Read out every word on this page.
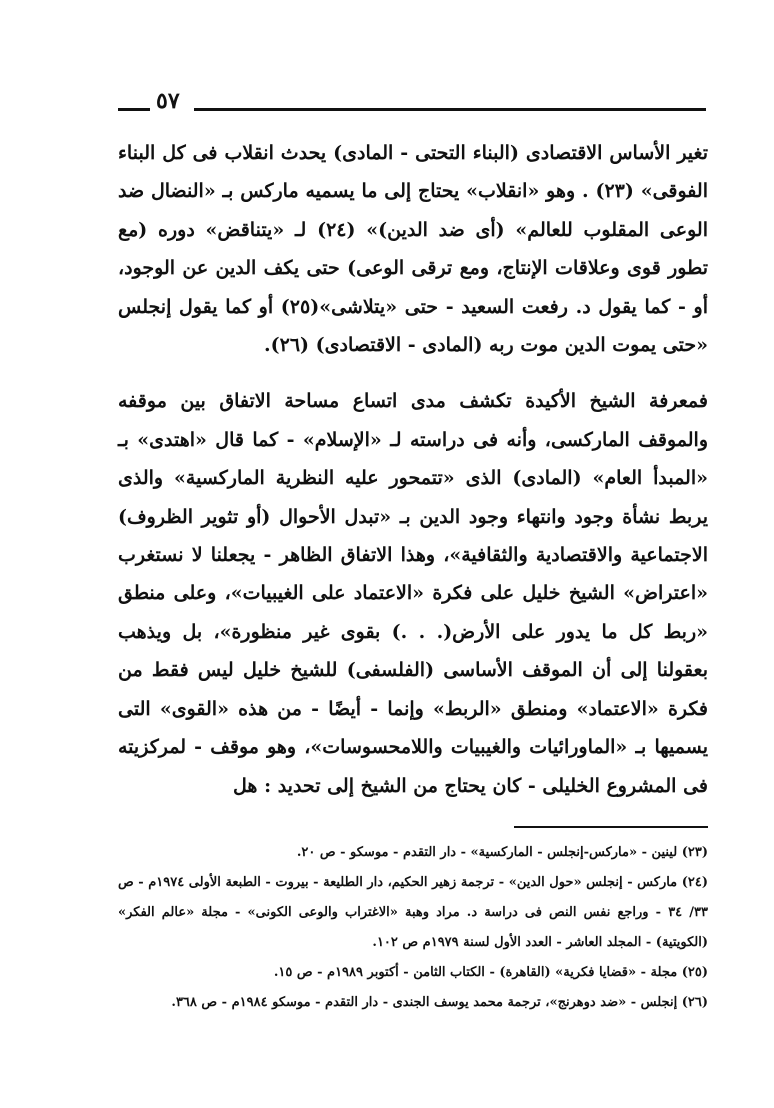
٥٧

تغير الأساس الاقتصادى (البناء التحتى - المادى) يحدث انقلاب فى كل البناء الفوقى» (٢٣) . وهو «انقلاب» يحتاج إلى ما يسميه ماركس بـ «النضال ضد الوعى المقلوب للعالم» (أى ضد الدين)» (٢٤) لـ «يتناقض» دوره (مع تطور قوى وعلاقات الإنتاج، ومع ترقى الوعى) حتى يكف الدين عن الوجود، أو - كما يقول د. رفعت السعيد - حتى «يتلاشى»(٢٥) أو كما يقول إنجلس «حتى يموت الدين موت ربه (المادى - الاقتصادى) (٢٦).

فمعرفة الشيخ الأكيدة تكشف مدى اتساع مساحة الاتفاق بين موقفه والموقف الماركسى، وأنه فى دراسته لـ «الإسلام» - كما قال «اهتدى» بـ «المبدأ العام» (المادى) الذى «تتمحور عليه النظرية الماركسية» والذى يربط نشأة وجود وانتهاء وجود الدين بـ «تبدل الأحوال (أو تثوير الظروف) الاجتماعية والاقتصادية والثقافية»، وهذا الاتفاق الظاهر - يجعلنا لا نستغرب «اعتراض» الشيخ خليل على فكرة «الاعتماد على الغيبيات»، وعلى منطق «ربط كل ما يدور على الأرض(. . .) بقوى غير منظورة»، بل ويذهب بعقولنا إلى أن الموقف الأساسى (الفلسفى) للشيخ خليل ليس فقط من فكرة «الاعتماد» ومنطق «الربط» وإنما - أيضًا - من هذه «القوى» التى يسميها بـ «الماورائيات والغيبيات واللامحسوسات»، وهو موقف - لمركزيته فى المشروع الخليلى - كان يحتاج من الشيخ إلى تحديد : هل

(٢٣) لينين - «ماركس-إنجلس - الماركسية» - دار التقدم - موسكو - ص ٢٠.

(٢٤) ماركس - إنجلس «حول الدين» - ترجمة زهير الحكيم، دار الطليعة - بيروت - الطبعة الأولى ١٩٧٤م - ص ٣٣/ ٣٤ - وراجع نفس النص فى دراسة د. مراد وهبة «الاغتراب والوعى الكونى» - مجلة «عالم الفكر» (الكويتية) - المجلد العاشر - العدد الأول لسنة ١٩٧٩م ص ١٠٢.

(٢٥) مجلة - «قضايا فكرية» (القاهرة) - الكتاب الثامن - أكتوبر ١٩٨٩م - ص ١٥.

(٢٦) إنجلس - «ضد دوهرنج»، ترجمة محمد يوسف الجندى - دار التقدم - موسكو ١٩٨٤م - ص ٣٦٨.
